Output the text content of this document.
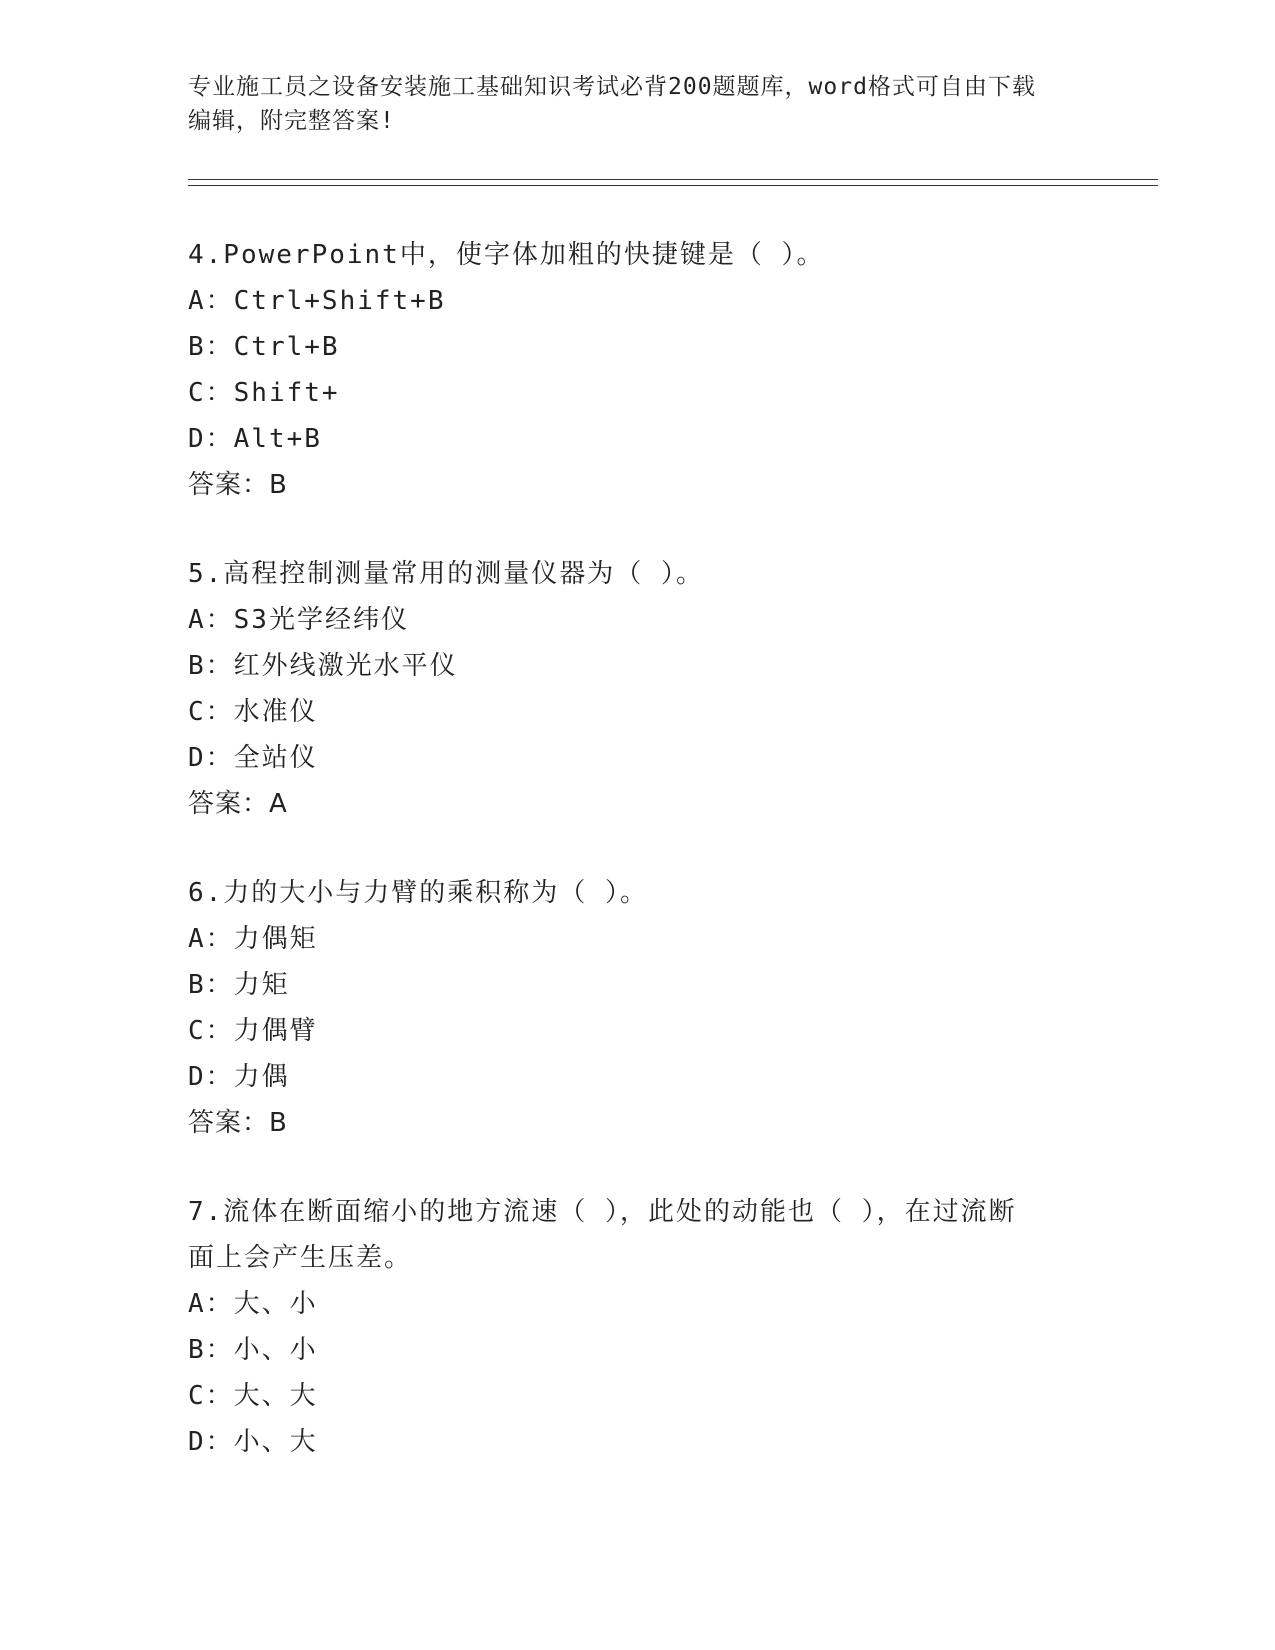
专业施工员之设备安装施工基础知识考试必背200题题库，word格式可自由下载
编辑，附完整答案!
4.PowerPoint中，使字体加粗的快捷键是（ ）。
A：Ctrl+Shift+B
B：Ctrl+B
C：Shift+
D：Alt+B
答案：B
5.高程控制测量常用的测量仪器为（ ）。
A：S3光学经纬仪
B：红外线激光水平仪
C：水准仪
D：全站仪
答案：A
6.力的大小与力臂的乘积称为（ ）。
A：力偶矩
B：力矩
C：力偶臂
D：力偶
答案：B
7.流体在断面缩小的地方流速（ ），此处的动能也（ ），在过流断
面上会产生压差。
A：大、小
B：小、小
C：大、大
D：小、大
